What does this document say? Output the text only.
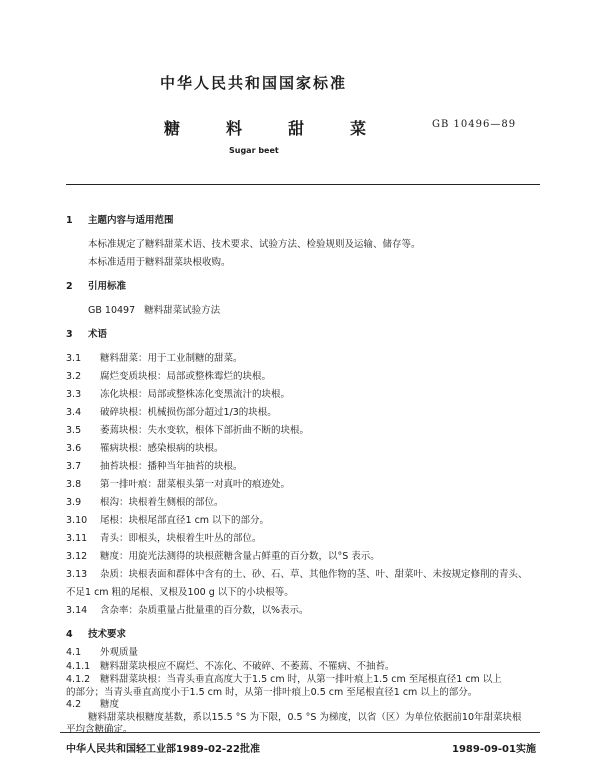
中华人民共和国国家标准
糖	料	甜	菜	GB 10496—89
Sugar beet
1 主题内容与适用范围
本标准规定了糖料甜菜术语、技术要求、试验方法、检验规则及运输、储存等。
本标准适用于糖料甜菜块根收购。
2 引用标准
GB 10497   糖料甜菜试验方法
3 术语
3.1 糖料甜菜：用于工业制糖的甜菜。
3.2 腐烂变质块根：局部或整株霉烂的块根。
3.3 冻化块根：局部或整株冻化变黑流汁的块根。
3.4 破碎块根：机械损伤部分超过1/3的块根。
3.5 萎蔫块根：失水变软，根体下部折曲不断的块根。
3.6 罹病块根：感染根病的块根。
3.7 抽苔块根：播种当年抽苔的块根。
3.8 第一排叶痕：甜菜根头第一对真叶的痕迹处。
3.9 根沟：块根着生侧根的部位。
3.10 尾根：块根尾部直径1 cm 以下的部分。
3.11 青头：即根头，块根着生叶丛的部位。
3.12 糖度：用旋光法测得的块根蔗糖含量占鲜重的百分数，以°S 表示。
3.13 杂质：块根表面和群体中含有的土、砂、石、草、其他作物的茎、叶、甜菜叶、未按规定修削的青头、
不足1 cm 粗的尾根、叉根及100 g 以下的小块根等。
3.14 含杂率：杂质重量占批量重的百分数，以%表示。
4 技术要求
4.1 外观质量
4.1.1 糖料甜菜块根应不腐烂、不冻化、不破碎、不萎蔫、不罹病、不抽苔。
4.1.2 糖料甜菜块根：当青头垂直高度大于1.5 cm 时，从第一排叶痕上1.5 cm 至尾根直径1 cm 以上
的部分；当青头垂直高度小于1.5 cm 时，从第一排叶痕上0.5 cm 至尾根直径1 cm 以上的部分。
4.2 糖度
中华人民共和国轻工业部1989-02-22批准	1989-09-01实施
糖料甜菜块根糖度基数，系以15.5 °S 为下限，0.5 °S 为梯度，以省（区）为单位依据前10年甜菜块根
平均含糖确定。
